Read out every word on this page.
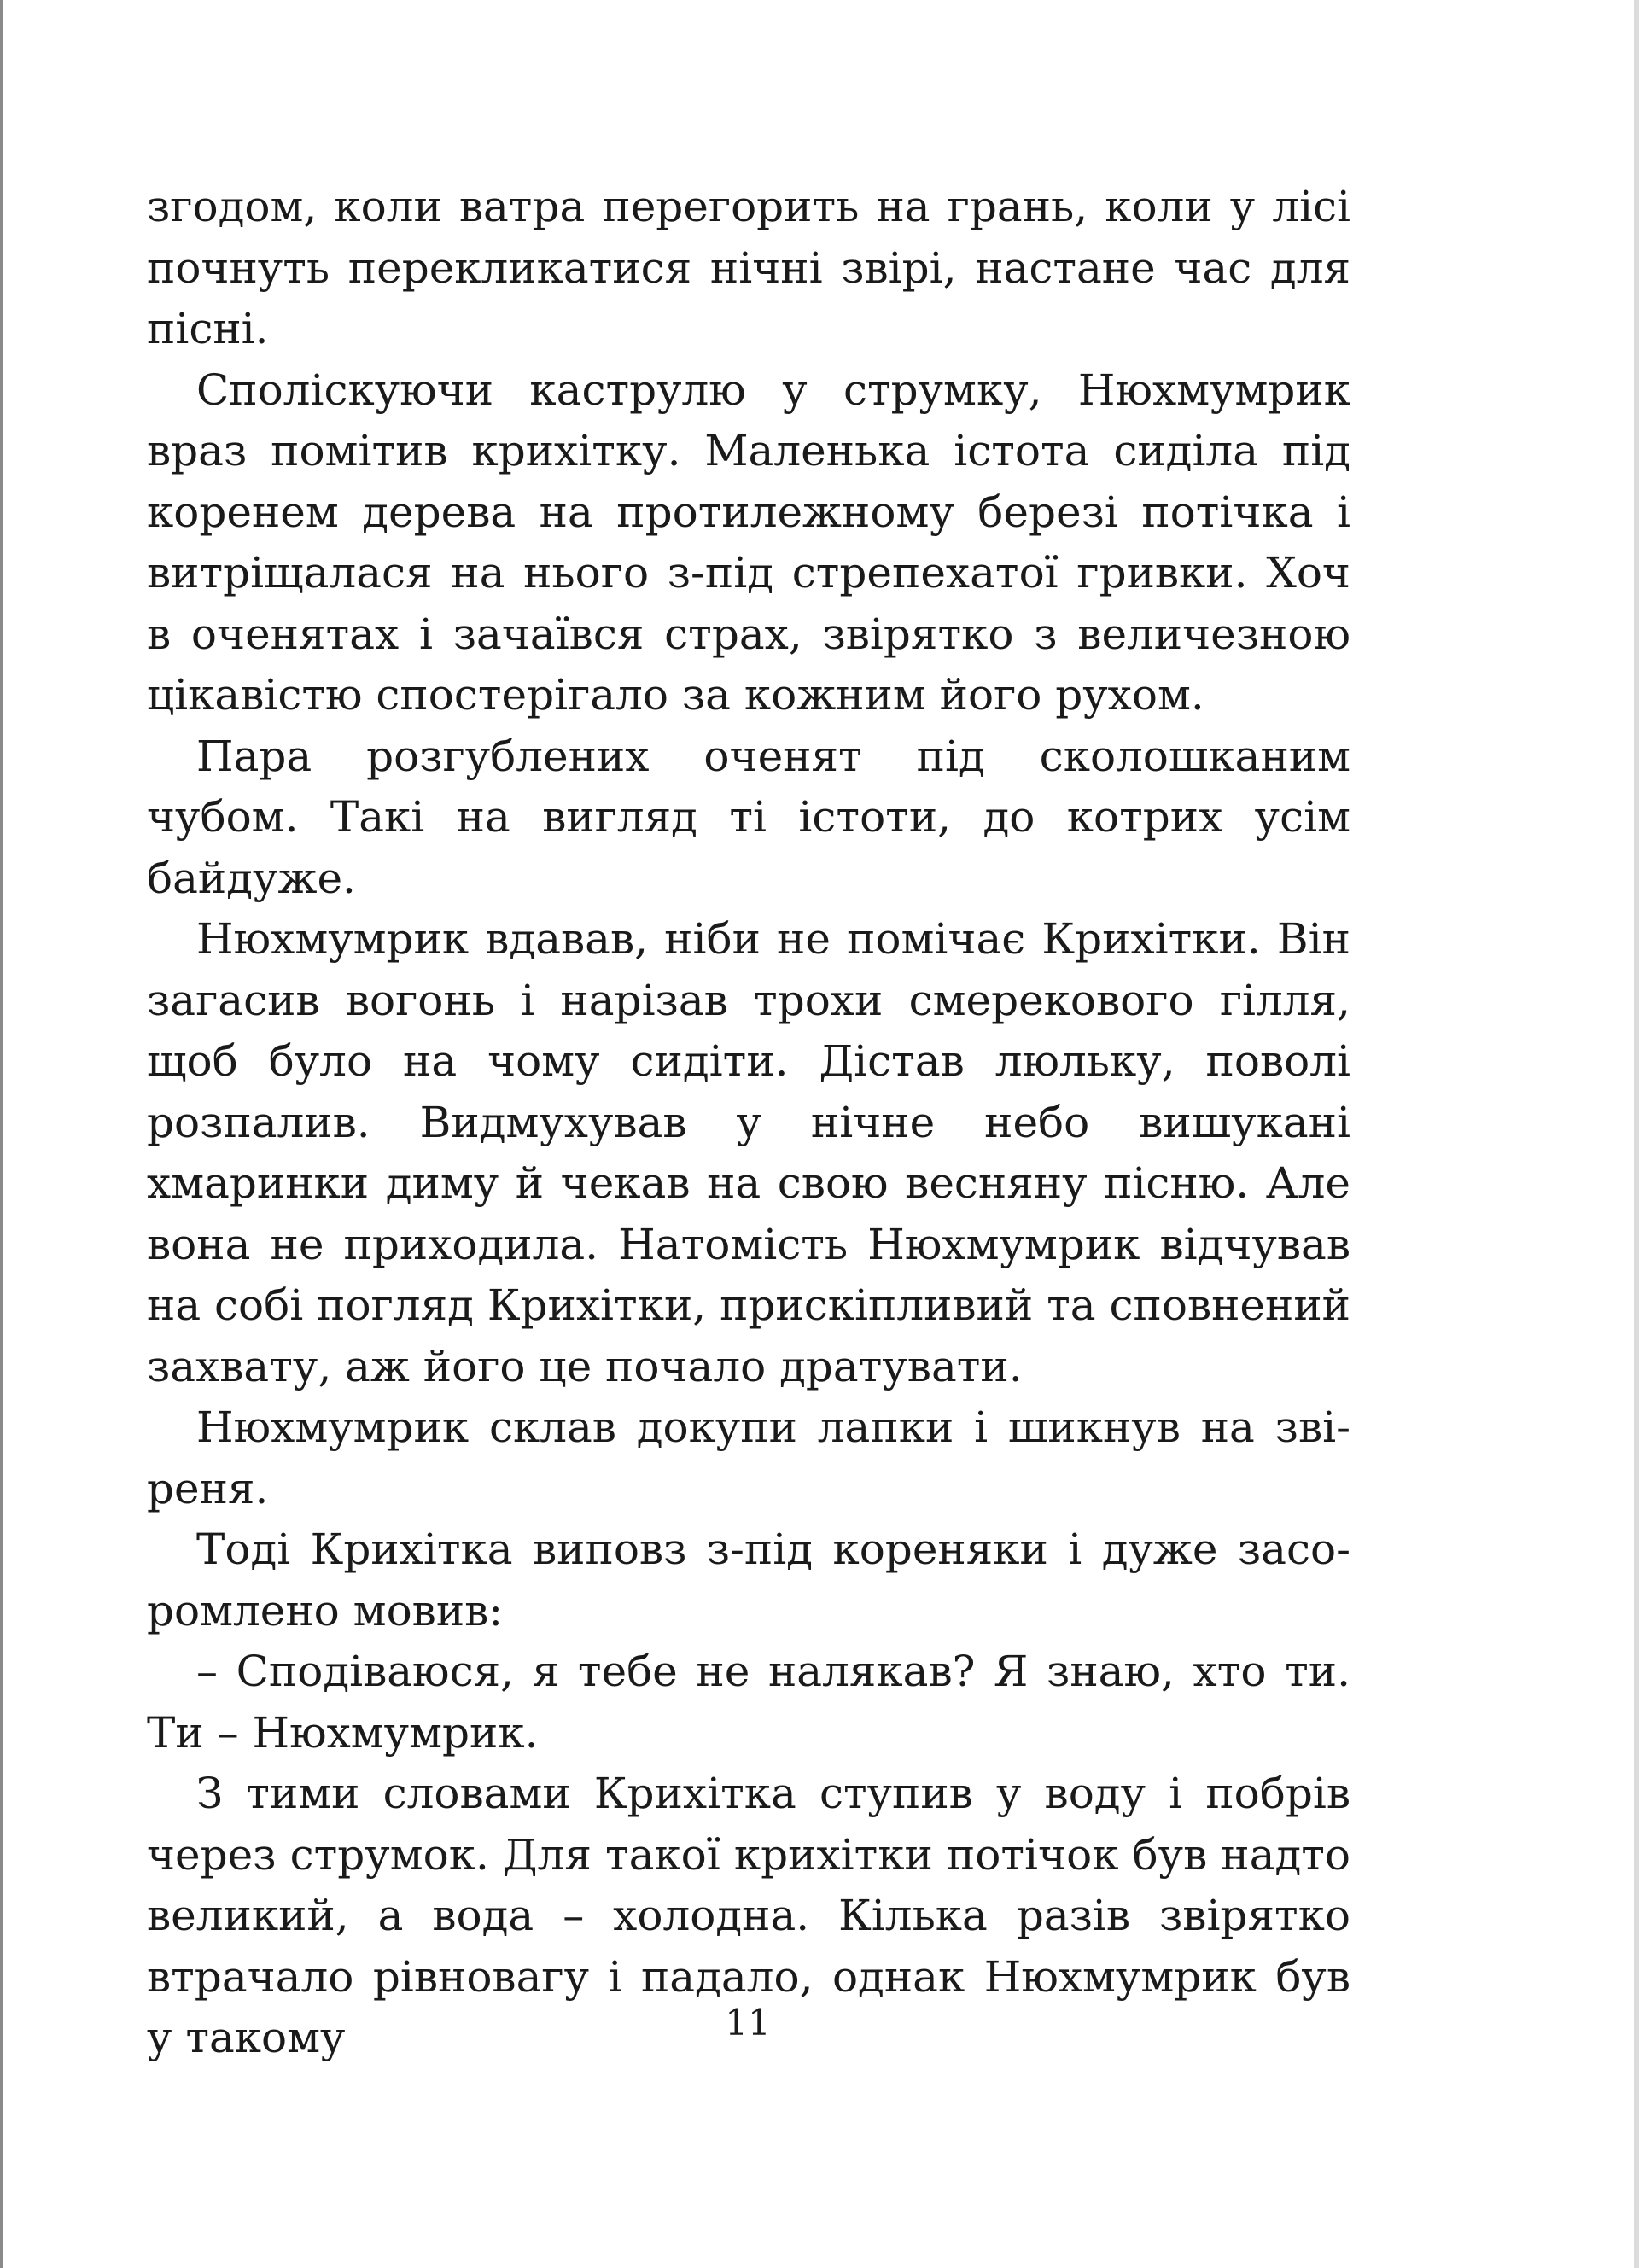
згодом, коли ватра перегорить на грань, коли у лісі почнуть перекликатися нічні звірі, настане час для пісні.

Споліскуючи каструлю у струмку, Нюхмумрик враз помітив крихітку. Маленька істота сиділа під коренем дерева на протилежному березі потічка і витріщалася на нього з-під стрепехатої гривки. Хоч в оченятах і зачаївся страх, звірятко з величезною цікавістю спостерігало за кожним його рухом.

Пара розгублених оченят під сколошканим чубом. Такі на вигляд ті істоти, до котрих усім байдуже.

Нюхмумрик вдавав, ніби не помічає Крихітки. Він загасив вогонь і нарізав трохи смерекового гілля, щоб було на чому сидіти. Дістав люльку, поволі розпалив. Видмухував у нічне небо вишукані хмаринки диму й чекав на свою весняну пісню. Але вона не приходила. Натомість Нюхмумрик відчував на собі погляд Крихітки, прискіпливий та сповнений захвату, аж його це почало дратувати.

Нюхмумрик склав докупи лапки і шикнув на звіреня.

Тоді Крихітка виповз з-під кореняки і дуже засоромлено мовив:

– Сподіваюся, я тебе не налякав? Я знаю, хто ти. Ти – Нюхмумрик.

З тими словами Крихітка ступив у воду і побрів через струмок. Для такої крихітки потічок був надто великий, а вода – холодна. Кілька разів звірятко втрачало рівновагу і падало, однак Нюхмумрик був у такому	11
